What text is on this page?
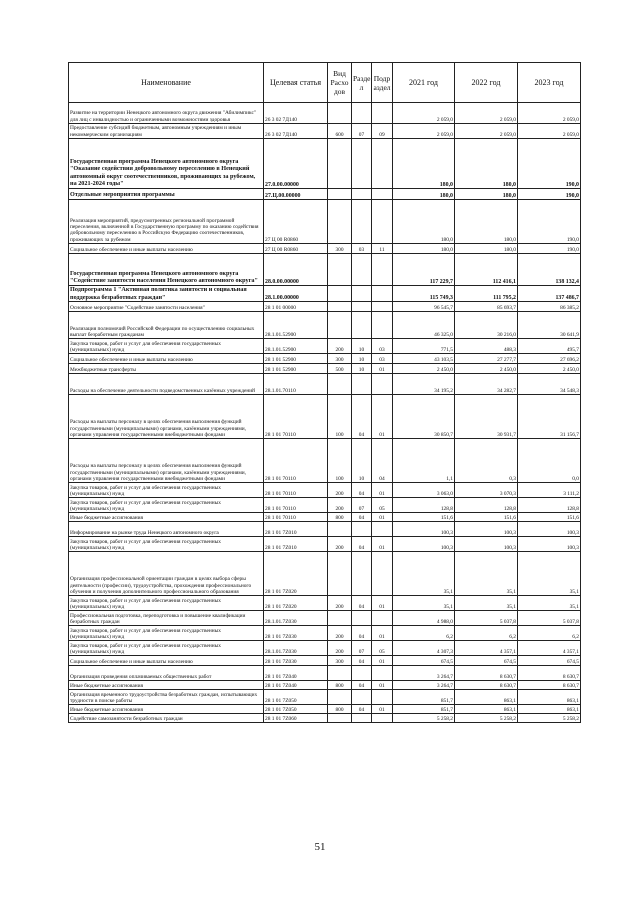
Наименование	Целевая статья	Вид Расхо дов	Разде л	Подр аздел	2021 год	2022 год	2023 год
Развитие на территории Ненецкого автономного округа движения "Абилимпикс" для лиц с инвалидностью и ограниченными возможностями здоровья	26 3 02 7Д140				2 059,0	2 059,0	2 059,0
Предоставление субсидий бюджетным, автономным учреждениям и иным некоммерческим организациям	26 3 02 7Д140	600	07	09	2 059,0	2 059,0	2 059,0
Государственная программа Ненецкого автономного округа "Оказание содействия добровольному переселению в Ненецкий автономный округ соотечественников, проживающих за рубежом, на 2021-2024 годы"	27.0.00.00000				180,0	180,0	190,0
Отдельные мероприятия программы	27.Ц.00.00000				180,0	180,0	190,0
Реализация мероприятий, предусмотренных региональной программой переселения, включенной в Государственную программу по оказанию содействия добровольному переселению в Российскую Федерацию соотечественников, проживающих за рубежом	27 Ц 00 R0860				180,0	180,0	190,0
Социальное обеспечение и иные выплаты населению	27 Ц 00 R0860	300	03	11	180,0	180,0	190,0
Государственная программа Ненецкого автономного округа "Содействие занятости населения Ненецкого автономного округа"	28.0.00.00000				117 229,7	112 416,1	138 132,4
Подпрограмма 1 "Активная политика занятости и социальная поддержка безработных граждан"	28.1.00.00000				115 749,3	111 795,2	137 486,7
Основное мероприятие "Содействие занятости населения"	28 1 01 00000				96 545,7	85 693,7	86 385,2
Реализация полномочий Российской Федерации по осуществлению социальных выплат безработным гражданам	28.1.01.52900				46 325,0	30 216,0	30 641,9
Закупка товаров, работ и услуг для обеспечения государственных (муниципальных) нужд	28.1.01.52900	200	10	03	771,5	488,3	495,7
Социальное обеспечение и иные выплаты населению	28 1 01 52900	300	10	03	43 103,5	27 277,7	27 696,2
Межбюджетные трансферты	28 1 01 52900	500	10	01	2 450,0	2 450,0	2 450,0
Расходы на обеспечение деятельности подведомственных казённых учреждений	28.1.01.70110				34 195,2	34 282,7	34 548,3
Расходы на выплаты персоналу в целях обеспечения выполнения функций государственными (муниципальными) органами, казёнными учреждениями, органами управления государственными внебюджетными фондами	28 1 01 70110	100	04	01	30 850,7	30 931,7	31 156,7
Расходы на выплаты персоналу в целях обеспечения выполнения функций государственными (муниципальными) органами, казёнными учреждениями, органами управления государственными внебюджетными фондами	28 1 01 70110	100	10	04	1,1	0,3	0,0
Закупка товаров, работ и услуг для обеспечения государственных (муниципальных) нужд	28 1 01 70110	200	04	01	3 063,0	3 070,3	3 111,2
Закупка товаров, работ и услуг для обеспечения государственных (муниципальных) нужд	28 1 01 70110	200	07	05	128,8	128,8	128,8
Иные бюджетные ассигнования	28 1 01 70110	800	04	01	151,6	151,6	151,6
Информирование на рынке труда Ненецкого автономного округа	28 1 01 7Z010				100,3	100,3	100,3
Закупка товаров, работ и услуг для обеспечения государственных (муниципальных) нужд	28 1 01 7Z010	200	04	01	100,3	100,3	100,3
Организация профессиональной ориентации граждан в целях выбора сферы деятельности (профессии), трудоустройства, прохождения профессионального обучения и получения дополнительного профессионального образования	28 1 01 7Z020				35,1	35,1	35,1
Закупка товаров, работ и услуг для обеспечения государственных (муниципальных) нужд	28 1 01 7Z020	200	04	01	35,1	35,1	35,1
Профессиональная подготовка, переподготовка и повышение квалификации безработных граждан	28.1.01.7Z030				4 988,0	5 037,8	5 037,8
Закупка товаров, работ и услуг для обеспечения государственных (муниципальных) нужд	28 1 01 7Z030	200	04	01	6,2	6,2	6,2
Закупка товаров, работ и услуг для обеспечения государственных (муниципальных) нужд	28.1.01.7Z030	200	07	05	4 307,3	4 357,1	4 357,1
Социальное обеспечение и иные выплаты населению	28 1 01 7Z030	300	04	01	674,5	674,5	674,5
Организация проведения оплачиваемых общественных работ	28 1 01 7Z040				3 264,7	8 630,7	8 630,7
Иные бюджетные ассигнования	28 1 01 7Z040	800	04	01	3 264,7	8 630,7	8 630,7
Организация временного трудоустройства безработных граждан, испытывающих трудности в поиске работы	28 1 01 7Z050				851,7	863,1	863,1
Иные бюджетные ассигнования	28 1 01 7Z050	800	04	01	851,7	863,1	863,1
Содействие самозанятости безработных граждан	28 1 01 7Z060				5 258,2	5 258,2	5 258,2
51
